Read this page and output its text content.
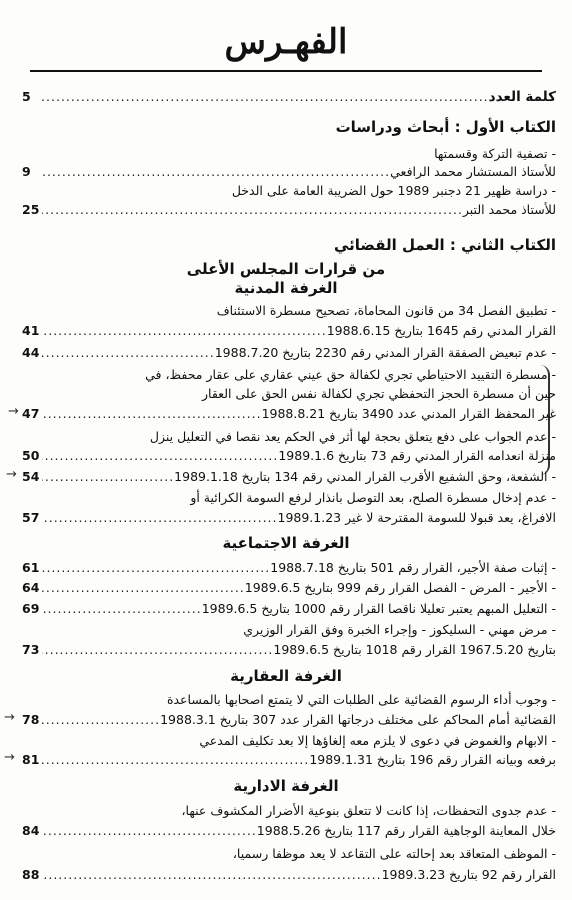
الفهـرس
كلمة العدد
.....
5
الكتاب الأول : أبحاث ودراسات
- تصفية التركة وقسمتها
للأستاذ المستشار محمد الرافعي
.....
9
- دراسة ظهير 21 دجنبر 1989 حول الضريبة العامة على الدخل
للأستاذ محمد التبر
.....
25
الكتاب الثاني : العمل القضائي
من قرارات المجلس الأعلى
الغرفة المدنية
- تطبيق الفصل 34 من قانون المحاماة، تصحيح مسطرة الاستئناف
القرار المدني رقم 1645 بتاريخ 1988.6.15
.....
41
- عدم تبعيض الصفقة القرار المدني رقم 2230 بتاريخ 1988.7.20
.....
44
- مسطرة التقييد الاحتياطي تجري لكفالة حق عيني عقاري على عقار محفظ، في
حين أن مسطرة الحجز التحفظي تجري لكفالة نفس الحق على العقار
غير المحفظ القرار المدني عدد 3490 بتاريخ 1988.8.21
.....
47
→
- عدم الجواب على دفع يتعلق بحجة لها أثر في الحكم يعد نقصا في التعليل ينزل
منزلة انعدامه القرار المدني رقم 73 بتاريخ 1989.1.6
.....
50
- الشفعة، وحق الشفيع الأقرب القرار المدني رقم 134 بتاريخ 1989.1.18
.....
54
→
- عدم إدخال مسطرة الصلح، بعد التوصل بانذار لرفع السومة الكرائية أو
الافراغ، يعد قبولا للسومة المقترحة لا غير 1989.1.23
.....
57
الغرفة الاجتماعية
- إثبات صفة الأجير، القرار رقم 501 بتاريخ 1988.7.18
.....
61
- الأجير - المرض - الفصل القرار رقم 999 بتاريخ 1989.6.5
.....
64
- التعليل المبهم يعتبر تعليلا ناقصا القرار رقم 1000 بتاريخ 1989.6.5
.....
69
- مرض مهني - السليكوز - وإجراء الخبرة وفق القرار الوزيري
بتاريخ 1967.5.20 القرار رقم 1018 بتاريخ 1989.6.5
.....
73
الغرفة العقارية
- وجوب أداء الرسوم القضائية على الطلبات التي لا يتمتع اصحابها بالمساعدة
القضائية أمام المحاكم على مختلف درجاتها القرار عدد 307 بتاريخ 1988.3.1
.....
78
→
- الابهام والغموض في دعوى لا يلزم معه إلغاؤها إلا بعد تكليف المدعي
برفعه وبيانه القرار رقم 196 بتاريخ 1989.1.31
.....
81
→
الغرفة الادارية
- عدم جدوى التحفظات، إذا كانت لا تتعلق بنوعية الأضرار المكشوف عنها،
خلال المعاينة الوجاهية القرار رقم 117 بتاريخ 1988.5.26
.....
84
- الموظف المتعاقد بعد إحالته على التقاعد لا يعد موظفا رسميا،
القرار رقم 92 بتاريخ 1989.3.23
.....
88
